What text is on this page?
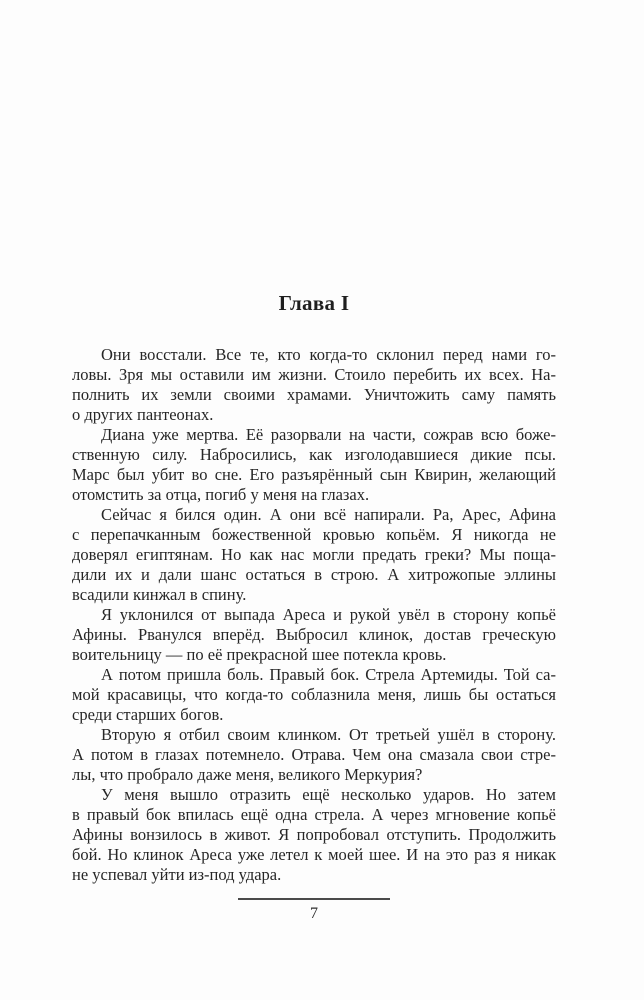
Глава I

Они восстали. Все те, кто когда-то склонил перед нами го-
ловы. Зря мы оставили им жизни. Стоило перебить их всех. На-
полнить их земли своими храмами. Уничтожить саму память
о других пантеонах.

Диана уже мертва. Её разорвали на части, сожрав всю боже-
ственную силу. Набросились, как изголодавшиеся дикие псы.
Марс был убит во сне. Его разъярённый сын Квирин, желающий
отомстить за отца, погиб у меня на глазах.

Сейчас я бился один. А они всё напирали. Ра, Арес, Афина
с перепачканным божественной кровью копьём. Я никогда не
доверял египтянам. Но как нас могли предать греки? Мы поща-
дили их и дали шанс остаться в строю. А хитрожопые эллины
всадили кинжал в спину.

Я уклонился от выпада Ареса и рукой увёл в сторону копьё
Афины. Рванулся вперёд. Выбросил клинок, достав греческую
воительницу — по её прекрасной шее потекла кровь.

А потом пришла боль. Правый бок. Стрела Артемиды. Той са-
мой красавицы, что когда-то соблазнила меня, лишь бы остаться
среди старших богов.

Вторую я отбил своим клинком. От третьей ушёл в сторону.
А потом в глазах потемнело. Отрава. Чем она смазала свои стре-
лы, что пробрало даже меня, великого Меркурия?

У меня вышло отразить ещё несколько ударов. Но затем
в правый бок впилась ещё одна стрела. А через мгновение копьё
Афины вонзилось в живот. Я попробовал отступить. Продолжить
бой. Но клинок Ареса уже летел к моей шее. И на это раз я никак
не успевал уйти из-под удара.

7
